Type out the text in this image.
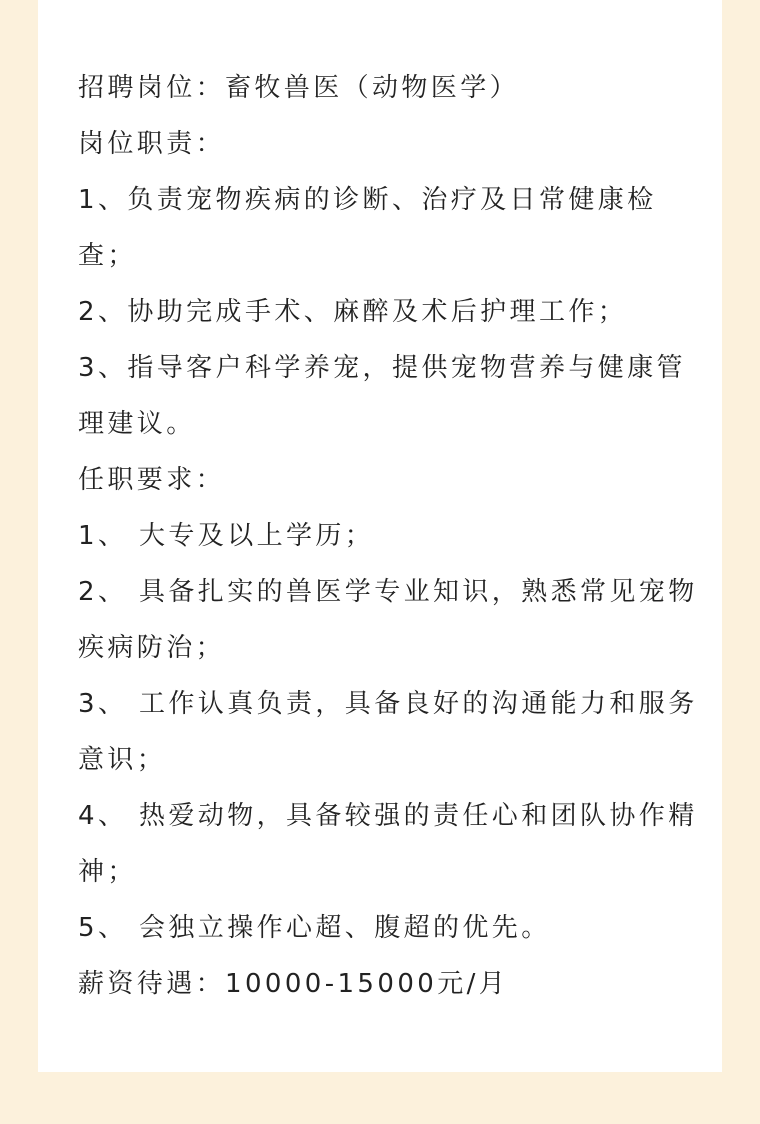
招聘岗位：畜牧兽医（动物医学）

岗位职责：

1、负责宠物疾病的诊断、治疗及日常健康检查；

2、协助完成手术、麻醉及术后护理工作；

3、指导客户科学养宠，提供宠物营养与健康管理建议。

任职要求：

1、 大专及以上学历；

2、 具备扎实的兽医学专业知识，熟悉常见宠物疾病防治；

3、 工作认真负责，具备良好的沟通能力和服务意识；

4、 热爱动物，具备较强的责任心和团队协作精神；

5、 会独立操作心超、腹超的优先。

薪资待遇：10000-15000元/月
